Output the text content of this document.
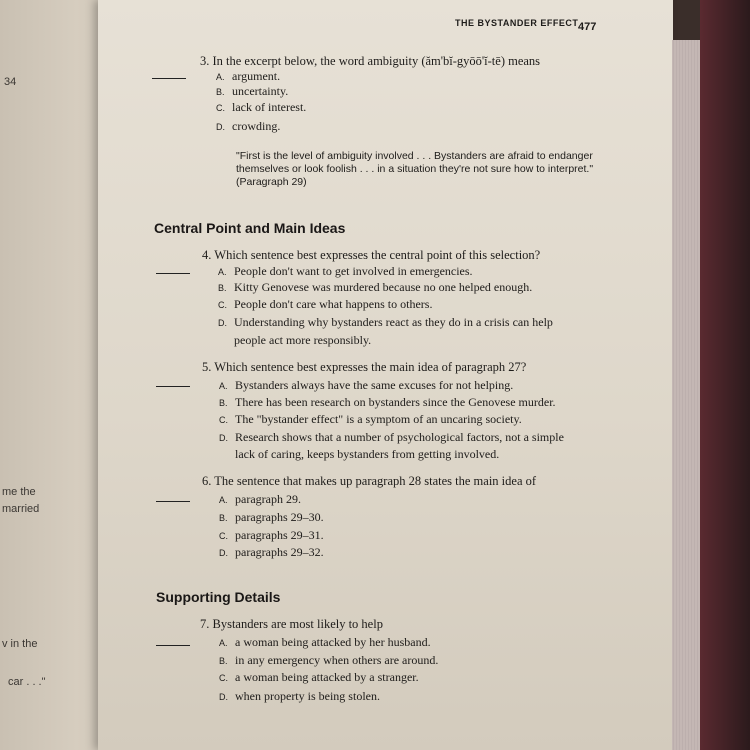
34
me the
married
v in the
car . . ."
THE BYSTANDER EFFECT 477
3. In the excerpt below, the word ambiguity (ăm'bĭ-gyōō'ĭ-tē) means
A. argument.
B. uncertainty.
C. lack of interest.
D. crowding.
"First is the level of ambiguity involved . . . Bystanders are afraid to endanger themselves or look foolish . . . in a situation they're not sure how to interpret." (Paragraph 29)
Central Point and Main Ideas
4. Which sentence best expresses the central point of this selection?
A. People don't want to get involved in emergencies.
B. Kitty Genovese was murdered because no one helped enough.
C. People don't care what happens to others.
D. Understanding why bystanders react as they do in a crisis can help
people act more responsibly.
5. Which sentence best expresses the main idea of paragraph 27?
A. Bystanders always have the same excuses for not helping.
B. There has been research on bystanders since the Genovese murder.
C. The "bystander effect" is a symptom of an uncaring society.
D. Research shows that a number of psychological factors, not a simple
lack of caring, keeps bystanders from getting involved.
6. The sentence that makes up paragraph 28 states the main idea of
A. paragraph 29.
B. paragraphs 29–30.
C. paragraphs 29–31.
D. paragraphs 29–32.
Supporting Details
7. Bystanders are most likely to help
A. a woman being attacked by her husband.
B. in any emergency when others are around.
C. a woman being attacked by a stranger.
D. when property is being stolen.
